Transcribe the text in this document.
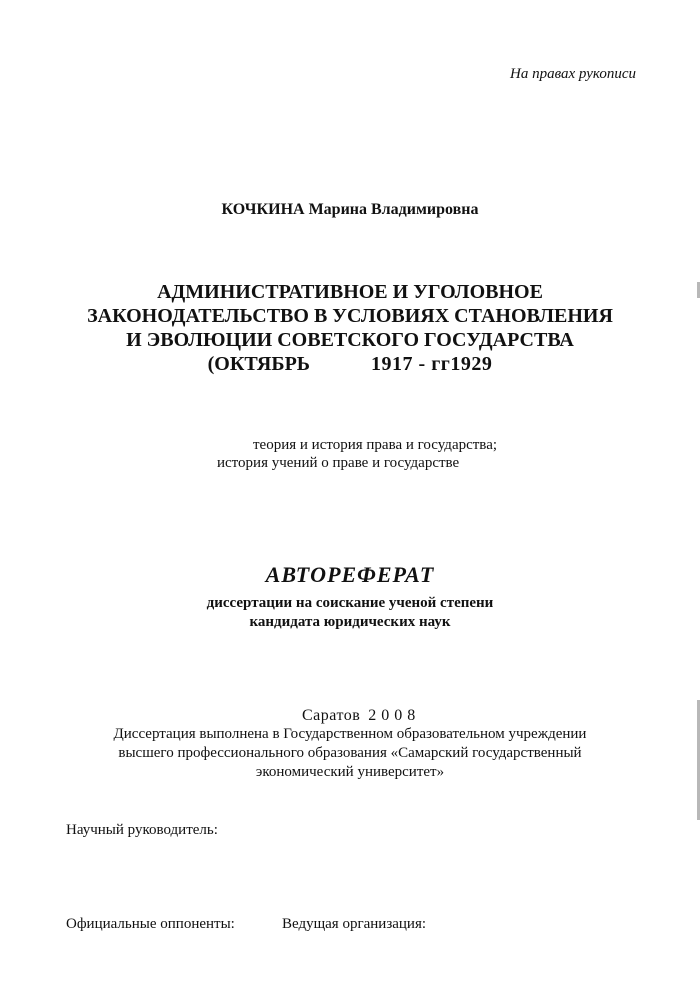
На правах рукописи
КОЧКИНА Марина Владимировна
АДМИНИСТРАТИВНОЕ И УГОЛОВНОЕ
ЗАКОНОДАТЕЛЬСТВО В УСЛОВИЯХ СТАНОВЛЕНИЯ
И ЭВОЛЮЦИИ СОВЕТСКОГО ГОСУДАРСТВА
(ОКТЯБРЬ	1917 - гг1929
теория и история права и государства;
история учений о праве и государстве
АВТОРЕФЕРАТ
диссертации на соискание ученой степени
кандидата юридических наук
Саратов 2008
Диссертация выполнена в Государственном образовательном учреждении
высшего профессионального образования «Самарский государственный
экономический университет»
Научный руководитель:
Официальные оппоненты:	Ведущая организация:
